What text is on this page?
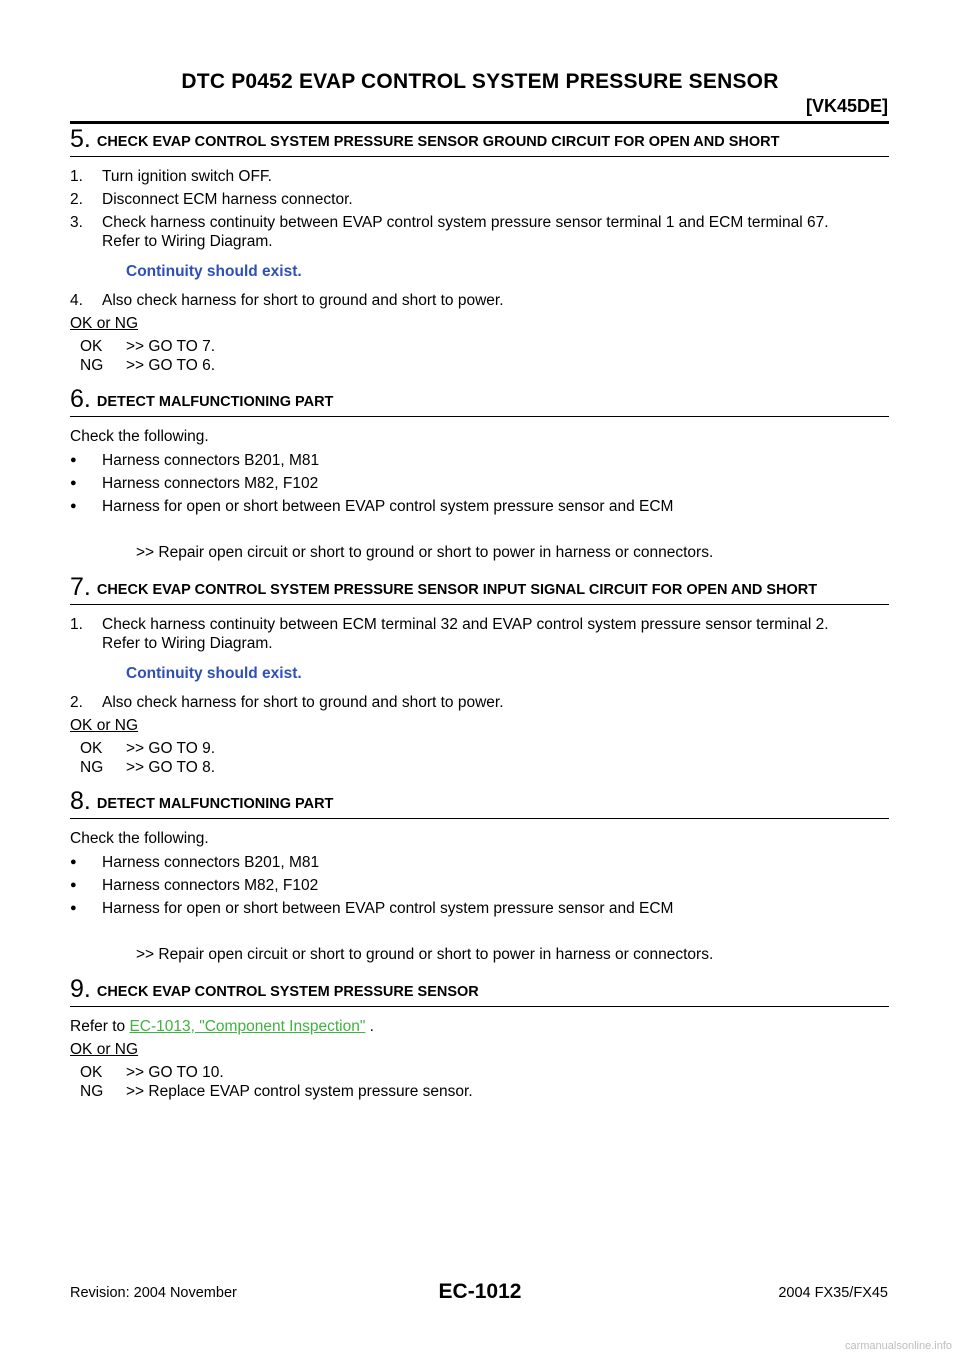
DTC P0452 EVAP CONTROL SYSTEM PRESSURE SENSOR
[VK45DE]
5. CHECK EVAP CONTROL SYSTEM PRESSURE SENSOR GROUND CIRCUIT FOR OPEN AND SHORT
1.	Turn ignition switch OFF.
2.	Disconnect ECM harness connector.
3.	Check harness continuity between EVAP control system pressure sensor terminal 1 and ECM terminal 67.
Refer to Wiring Diagram.
Continuity should exist.
4.	Also check harness for short to ground and short to power.
OK or NG
OK	>> GO TO 7.
NG	>> GO TO 6.
6. DETECT MALFUNCTIONING PART
Check the following.
●	Harness connectors B201, M81
●	Harness connectors M82, F102
●	Harness for open or short between EVAP control system pressure sensor and ECM
>> Repair open circuit or short to ground or short to power in harness or connectors.
7. CHECK EVAP CONTROL SYSTEM PRESSURE SENSOR INPUT SIGNAL CIRCUIT FOR OPEN AND SHORT
1.	Check harness continuity between ECM terminal 32 and EVAP control system pressure sensor terminal 2.
Refer to Wiring Diagram.
Continuity should exist.
2.	Also check harness for short to ground and short to power.
OK or NG
OK	>> GO TO 9.
NG	>> GO TO 8.
8. DETECT MALFUNCTIONING PART
Check the following.
●	Harness connectors B201, M81
●	Harness connectors M82, F102
●	Harness for open or short between EVAP control system pressure sensor and ECM
>> Repair open circuit or short to ground or short to power in harness or connectors.
9. CHECK EVAP CONTROL SYSTEM PRESSURE SENSOR
Refer to EC-1013, "Component Inspection" .
OK or NG
OK	>> GO TO 10.
NG	>> Replace EVAP control system pressure sensor.
Revision: 2004 November	EC-1012	2004 FX35/FX45
carmanualsonline.info
